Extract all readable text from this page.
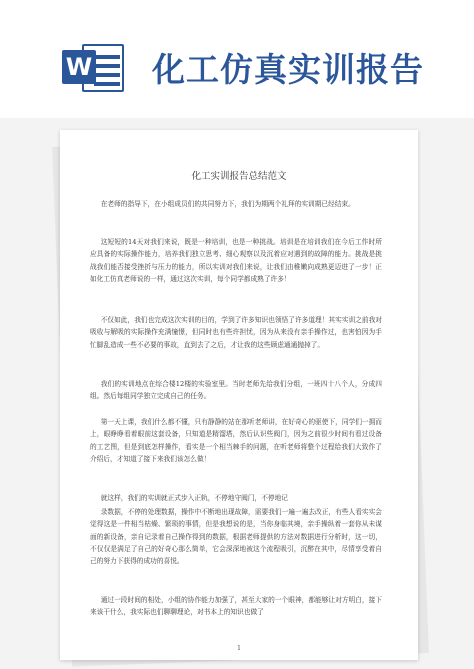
W 化工仿真实训报告
化工实训报告总结范文

在老师的指导下，在小组成员们的共同努力下，我们为期两个礼拜的实训期已经结束。

这短短的14天对我们来说，既是一种培训，也是一种挑战。培训是在培训我们在今后工作时所应具备的实际操作能力，培养我们独立思考、细心观察以及沉着应对遇到的故障的能力。挑战是挑战我们能否接受挫折与压力的能力，所以实训对我们来说，让我们由稚嫩向成熟更迈进了一步！正如化工仿真老师说的一样，通过这次实训，每个同学都成熟了许多！

不仅如此，我们也完成这次实训的目的，学到了许多知识也领悟了许多道理！其实实训之前我对吸收与解吸的实际操作充满憧憬，但同时也有些许担忧，因为从来没有亲手操作过，也害怕因为手忙脚乱造成一些不必要的事故，直到去了之后，才让我的这些顾虑通通抛掉了。

我们的实训地点在综合楼12楼的实验室里。当时老师先给我们分组，一班四十八个人，分成四组。然后每组同学独立完成自己的任务。

第一天上课，我们什么都不懂，只有静静的站在那听老师讲，在好奇心的驱使下，同学们一拥而上，眼睁睁看着眼前这套设备，只知道是精馏塔，然后认识些阀门，因为之前很少时间有看过设备的工艺图，但是到底怎样操作，看实是一个相当棘手的问题，在听老师将整个过程给我们大致作了介绍后，才知道了接下来我们该怎么做！

就这样，我们的实训就正式步入正轨，不停地守阀门，不停地记

录数据，不停的处理数据，操作中不断地出现故障，需要我们一遍一遍去改正，有些人看实实会觉得这是一件相当枯燥、繁琐的事情，但是我想说的是，当你身临其境，亲手操纵着一套你从未谋面的新设备，亲自记录着自己操作得到的数据，根据老师提供的方法对数据进行分析时，这一切，不仅仅是满足了自己的好奇心那么简单，它会深深地被这个流程吸引，沉醉在其中，尽情享受着自己的努力下获得的成功的喜悦。

通过一段时间的相处，小组的协作能力加强了，甚至大家的一个眼神，都能够让对方明白，接下来该干什么，我实际也们聊聊理论，对书本上的知识也做了

1
